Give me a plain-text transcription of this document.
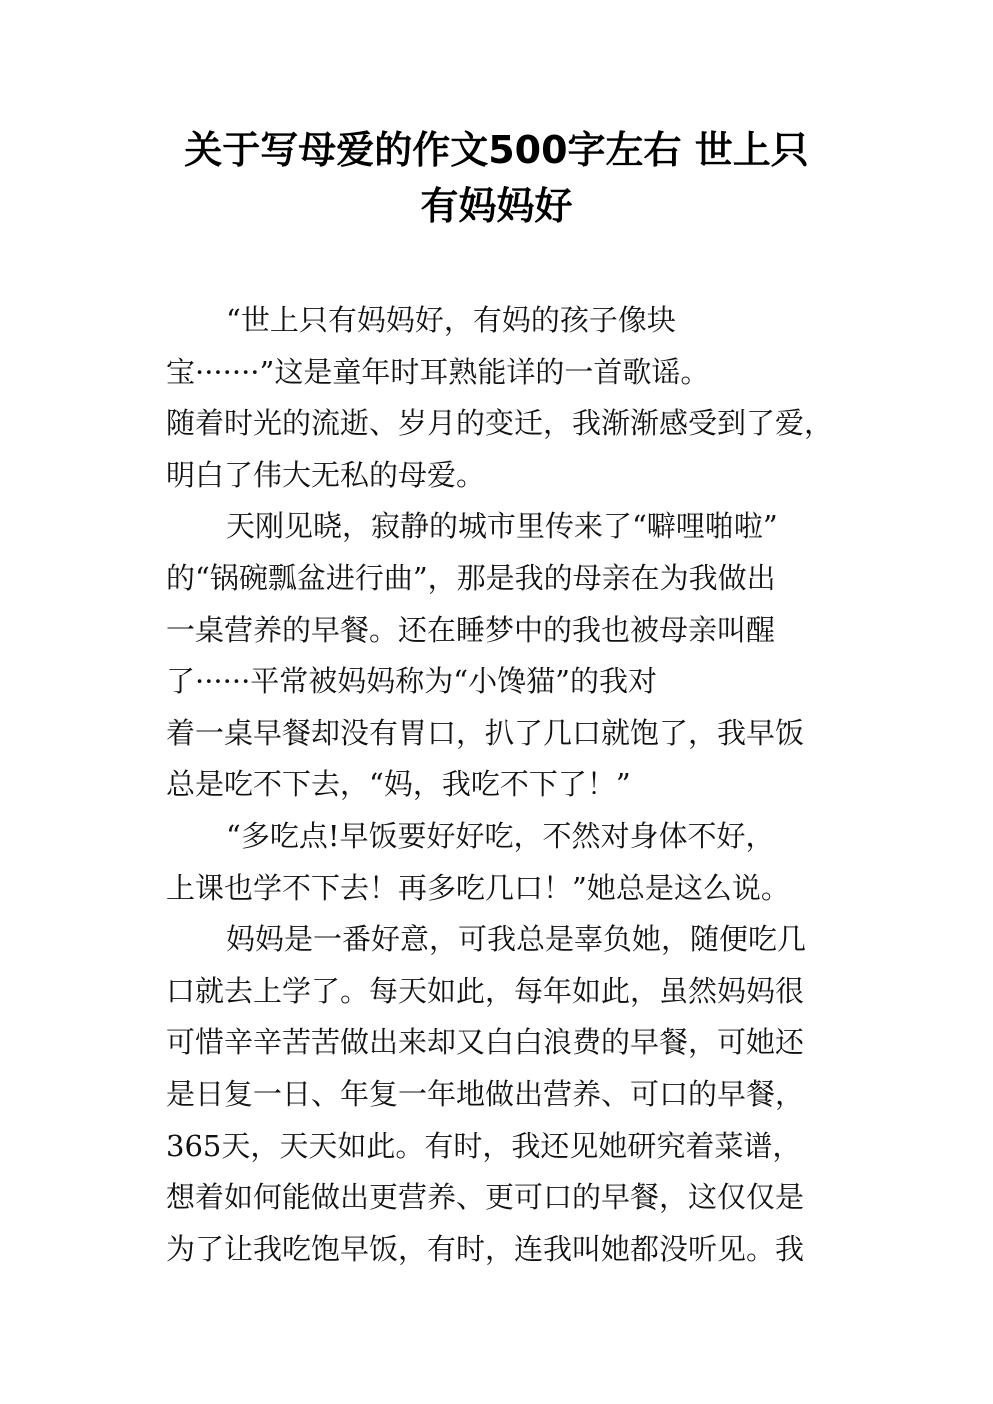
关于写母爱的作文500字左右 世上只
有妈妈好
“世上只有妈妈好，有妈的孩子像块
宝·······”这是童年时耳熟能详的一首歌谣。
随着时光的流逝、岁月的变迁，我渐渐感受到了爱，
明白了伟大无私的母爱。
天刚见晓，寂静的城市里传来了“噼哩啪啦”
的“锅碗瓢盆进行曲”，那是我的母亲在为我做出
一桌营养的早餐。还在睡梦中的我也被母亲叫醒
了······平常被妈妈称为“小馋猫”的我对
着一桌早餐却没有胃口，扒了几口就饱了，我早饭
总是吃不下去，“妈，我吃不下了！”
“多吃点!早饭要好好吃，不然对身体不好，
上课也学不下去！再多吃几口！”她总是这么说。
妈妈是一番好意，可我总是辜负她，随便吃几
口就去上学了。每天如此，每年如此，虽然妈妈很
可惜辛辛苦苦做出来却又白白浪费的早餐，可她还
是日复一日、年复一年地做出营养、可口的早餐，
365天，天天如此。有时，我还见她研究着菜谱，
想着如何能做出更营养、更可口的早餐，这仅仅是
为了让我吃饱早饭，有时，连我叫她都没听见。我
